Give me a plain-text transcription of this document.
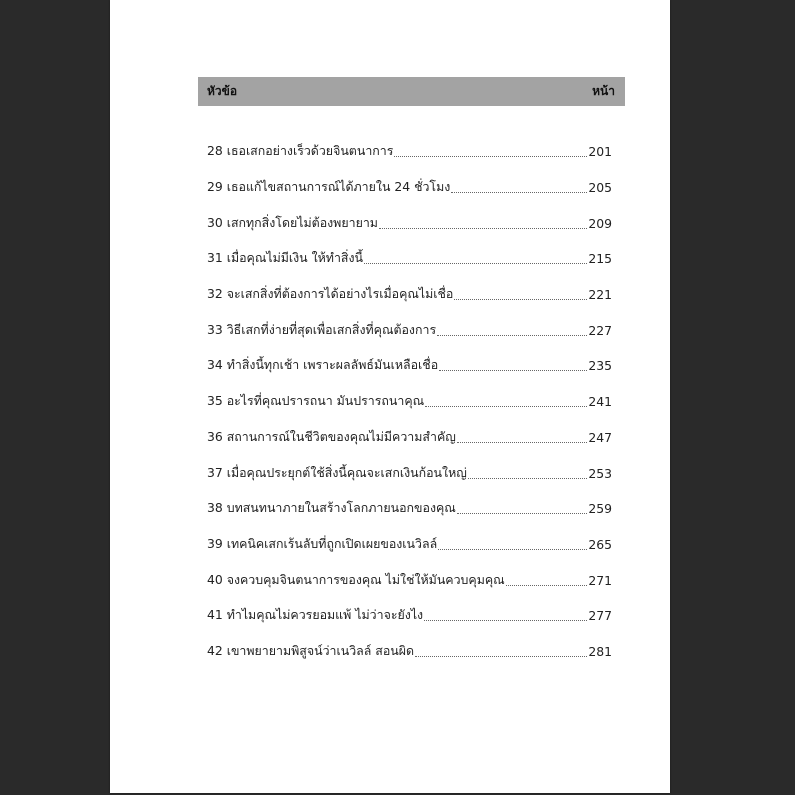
หัวข้อ	หน้า
28 เธอเสกอย่างเร็วด้วยจินตนาการ	201
29 เธอแก้ไขสถานการณ์ได้ภายใน 24 ชั่วโมง	205
30 เสกทุกสิ่งโดยไม่ต้องพยายาม	209
31 เมื่อคุณไม่มีเงิน ให้ทำสิ่งนี้	215
32 จะเสกสิ่งที่ต้องการได้อย่างไรเมื่อคุณไม่เชื่อ	221
33 วิธีเสกที่ง่ายที่สุดเพื่อเสกสิ่งที่คุณต้องการ	227
34 ทำสิ่งนี้ทุกเช้า เพราะผลลัพธ์มันเหลือเชื่อ	235
35 อะไรที่คุณปรารถนา มันปรารถนาคุณ	241
36 สถานการณ์ในชีวิตของคุณไม่มีความสำคัญ	247
37 เมื่อคุณประยุกต์ใช้สิ่งนี้คุณจะเสกเงินก้อนใหญ่	253
38 บทสนทนาภายในสร้างโลกภายนอกของคุณ	259
39 เทคนิคเสกเร้นลับที่ถูกเปิดเผยของเนวิลล์	265
40 จงควบคุมจินตนาการของคุณ ไม่ใช่ให้มันควบคุมคุณ	271
41 ทำไมคุณไม่ควรยอมแพ้ ไม่ว่าจะยังไง	277
42 เขาพยายามพิสูจน์ว่าเนวิลล์ สอนผิด	281
